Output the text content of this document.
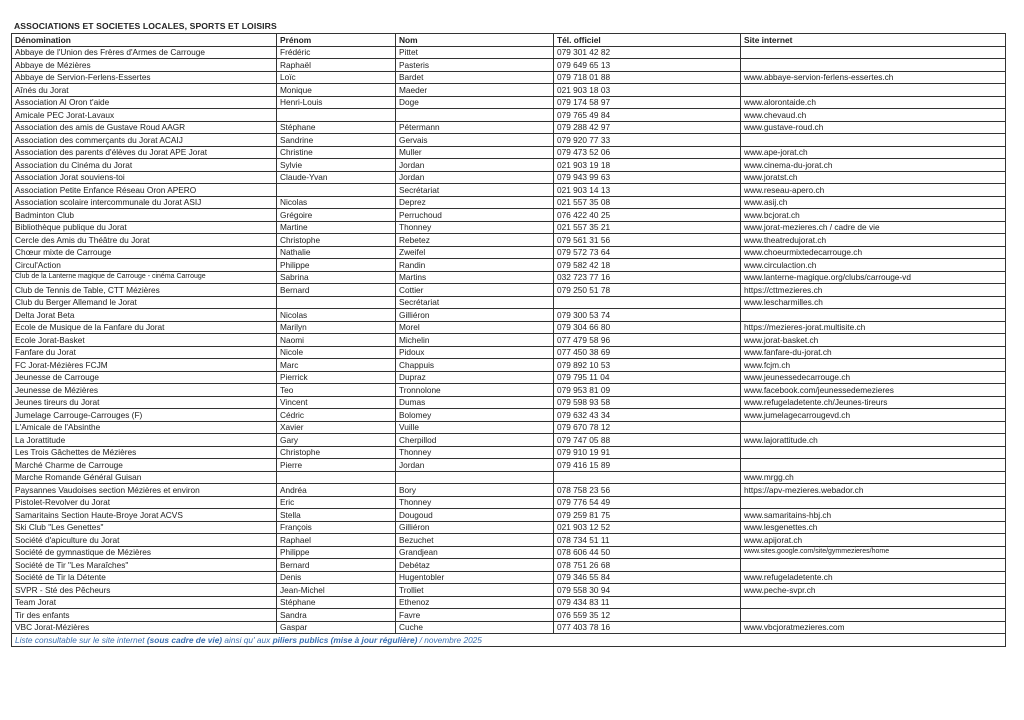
ASSOCIATIONS ET SOCIETES LOCALES, SPORTS ET LOISIRS
Dénomination	Prénom	Nom	Tél. officiel	Site internet
Abbaye de l'Union des Frères d'Armes de Carrouge	Frédéric	Pittet	079 301 42 82	
Abbaye de Mézières	Raphaël	Pasteris	079 649 65 13	
Abbaye de Servion-Ferlens-Essertes	Loïc	Bardet	079 718 01 88	www.abbaye-servion-ferlens-essertes.ch
Aînés du Jorat	Monique	Maeder	021 903 18 03	
Association Al Oron t'aide	Henri-Louis	Doge	079 174 58 97	www.alorontaide.ch
Amicale PEC Jorat-Lavaux			079 765 49 84	www.chevaud.ch
Association des amis de Gustave Roud AAGR	Stéphane	Pétermann	079 288 42 97	www.gustave-roud.ch
Association des commerçants du Jorat ACAIJ	Sandrine	Gervais	079 920 77 33	
Association des parents d'élèves du Jorat APE Jorat	Christine	Muller	079 473 52 06	www.ape-jorat.ch
Association du Cinéma du Jorat	Sylvie	Jordan	021 903 19 18	www.cinema-du-jorat.ch
Association Jorat souviens-toi	Claude-Yvan	Jordan	079 943 99 63	www.joratst.ch
Association Petite Enfance Réseau Oron APERO		Secrétariat	021 903 14 13	www.reseau-apero.ch
Association scolaire intercommunale du Jorat ASIJ	Nicolas	Deprez	021 557 35 08	www.asij.ch
Badminton Club	Grégoire	Perruchoud	076 422 40 25	www.bcjorat.ch
Bibliothèque publique du Jorat	Martine	Thonney	021 557 35 21	www.jorat-mezieres.ch / cadre de vie
Cercle des Amis du Théâtre du Jorat	Christophe	Rebetez	079 561 31 56	www.theatredujorat.ch
Chœur mixte de Carrouge	Nathalie	Zweifel	079 572 73 64	www.choeurmixtedecarrouge.ch
Circul'Action	Philippe	Randin	079 582 42 18	www.circulaction.ch
Club de la Lanterne magique de Carrouge - cinéma Carrouge	Sabrina	Martins	032 723 77 16	www.lanterne-magique.org/clubs/carrouge-vd
Club de Tennis de Table, CTT Mézières	Bernard	Cottier	079 250 51 78	https://cttmezieres.ch
Club du Berger Allemand le Jorat		Secrétariat		www.lescharmilles.ch
Delta Jorat Beta	Nicolas	Gilliéron	079 300 53 74	
Ecole de Musique de la Fanfare du Jorat	Marilyn	Morel	079 304 66 80	https://mezieres-jorat.multisite.ch
Ecole Jorat-Basket	Naomi	Michelin	077 479 58 96	www.jorat-basket.ch
Fanfare du Jorat	Nicole	Pidoux	077 450 38 69	www.fanfare-du-jorat.ch
FC Jorat-Mézières FCJM	Marc	Chappuis	079 892 10 53	www.fcjm.ch
Jeunesse de Carrouge	Pierrick	Dupraz	079 795 11 04	www.jeunessedecarrouge.ch
Jeunesse de Mézières	Teo	Tronnolone	079 953 81 09	www.facebook.com/jeunessedemezieres
Jeunes tireurs du Jorat	Vincent	Dumas	079 598 93 58	www.refugeladetente.ch/Jeunes-tireurs
Jumelage Carrouge-Carrouges (F)	Cédric	Bolomey	079 632 43 34	www.jumelagecarrougevd.ch
L'Amicale de l'Absinthe	Xavier	Vuille	079 670 78 12	
La Jorattitude	Gary	Cherpillod	079 747 05 88	www.lajorattitude.ch
Les Trois Gâchettes de Mézières	Christophe	Thonney	079 910 19 91	
Marché Charme de Carrouge	Pierre	Jordan	079 416 15 89	
Marche Romande Général Guisan				www.mrgg.ch
Paysannes Vaudoises section Mézières et environ	Andréa	Bory	078 758 23 56	https://apv-mezieres.webador.ch
Pistolet-Revolver du Jorat	Eric	Thonney	079 776 54 49	
Samaritains Section Haute-Broye Jorat ACVS	Stella	Dougoud	079 259 81 75	www.samaritains-hbj.ch
Ski Club "Les Genettes"	François	Gilliéron	021 903 12 52	www.lesgenettes.ch
Société d'apiculture du Jorat	Raphael	Bezuchet	078 734 51 11	www.apijorat.ch
Société de gymnastique de Mézières	Philippe	Grandjean	078 606 44 50	www.sites.google.com/site/gymmezieres/home
Société de Tir "Les Maraîches"	Bernard	Debétaz	078 751 26 68	
Société de Tir la Détente	Denis	Hugentobler	079 346 55 84	www.refugeladetente.ch
SVPR - Sté des Pêcheurs	Jean-Michel	Trolliet	079 558 30 94	www.peche-svpr.ch
Team Jorat	Stéphane	Ethenoz	079 434 83 11	
Tir des enfants	Sandra	Favre	076 559 35 12	
VBC Jorat-Mézières	Gaspar	Cuche	077 403 78 16	www.vbcjoratmezieres.com
Liste consultable sur le site internet (sous cadre de vie) ainsi qu' aux piliers publics (mise à jour régulière) / novembre 2025				
